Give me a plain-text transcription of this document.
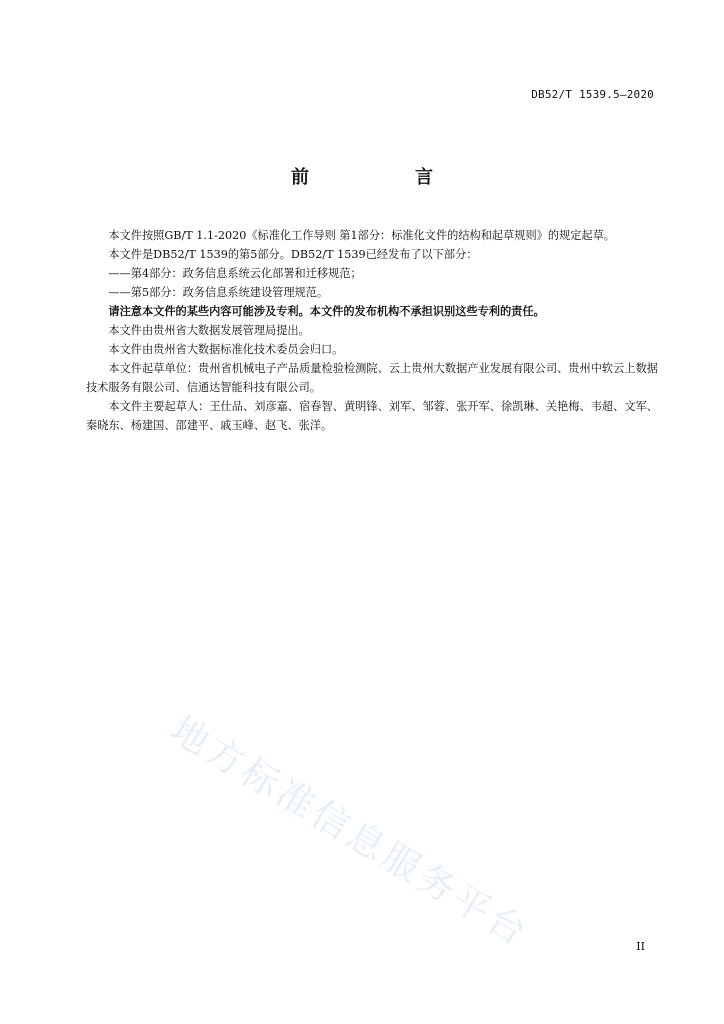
DB52/T 1539.5—2020
前　言

本文件按照GB/T 1.1-2020《标准化工作导则 第1部分：标准化文件的结构和起草规则》的规定起草。

本文件是DB52/T 1539的第5部分。DB52/T 1539已经发布了以下部分：

——第4部分：政务信息系统云化部署和迁移规范；

——第5部分：政务信息系统建设管理规范。

请注意本文件的某些内容可能涉及专利。本文件的发布机构不承担识别这些专利的责任。

本文件由贵州省大数据发展管理局提出。

本文件由贵州省大数据标准化技术委员会归口。

本文件起草单位：贵州省机械电子产品质量检验检测院、云上贵州大数据产业发展有限公司、贵州中软云上数据技术服务有限公司、信通达智能科技有限公司。

本文件主要起草人：王仕品、刘彦嘉、宿春智、黄明锋、刘军、邹蓉、张开军、徐凯琳、关艳梅、韦超、文军、秦晓东、杨建国、邵建平、戚玉峰、赵飞、张洋。

地方标准信息服务平台	II
